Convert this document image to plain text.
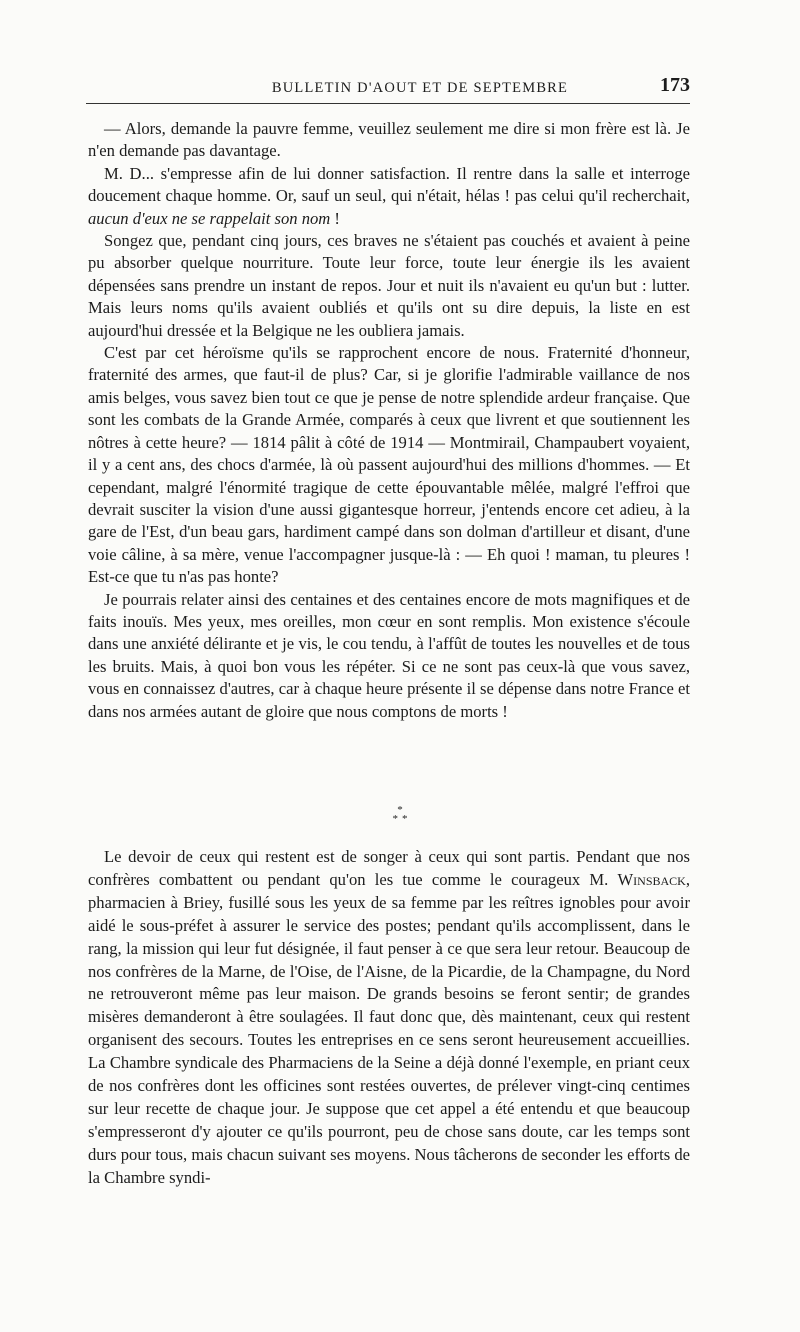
BULLETIN D'AOUT ET DE SEPTEMBRE	173

— Alors, demande la pauvre femme, veuillez seulement me dire si mon frère est là. Je n'en demande pas davantage.

M. D... s'empresse afin de lui donner satisfaction. Il rentre dans la salle et interroge doucement chaque homme. Or, sauf un seul, qui n'était, hélas ! pas celui qu'il recherchait, aucun d'eux ne se rappelait son nom !

Songez que, pendant cinq jours, ces braves ne s'étaient pas couchés et avaient à peine pu absorber quelque nourriture. Toute leur force, toute leur énergie ils les avaient dépensées sans prendre un instant de repos. Jour et nuit ils n'avaient eu qu'un but : lutter. Mais leurs noms qu'ils avaient oubliés et qu'ils ont su dire depuis, la liste en est aujourd'hui dressée et la Belgique ne les oubliera jamais.

C'est par cet héroïsme qu'ils se rapprochent encore de nous. Fraternité d'honneur, fraternité des armes, que faut-il de plus? Car, si je glorifie l'admirable vaillance de nos amis belges, vous savez bien tout ce que je pense de notre splendide ardeur française. Que sont les combats de la Grande Armée, comparés à ceux que livrent et que soutiennent les nôtres à cette heure? — 1814 pâlit à côté de 1914 — Montmirail, Champaubert voyaient, il y a cent ans, des chocs d'armée, là où passent aujourd'hui des millions d'hommes. — Et cependant, malgré l'énormité tragique de cette épouvantable mêlée, malgré l'effroi que devrait susciter la vision d'une aussi gigantesque horreur, j'entends encore cet adieu, à la gare de l'Est, d'un beau gars, hardiment campé dans son dolman d'artilleur et disant, d'une voie câline, à sa mère, venue l'accompagner jusque-là : — Eh quoi ! maman, tu pleures ! Est-ce que tu n'as pas honte?

Je pourrais relater ainsi des centaines et des centaines encore de mots magnifiques et de faits inouïs. Mes yeux, mes oreilles, mon cœur en sont remplis. Mon existence s'écoule dans une anxiété délirante et je vis, le cou tendu, à l'affût de toutes les nouvelles et de tous les bruits. Mais, à quoi bon vous les répéter. Si ce ne sont pas ceux-là que vous savez, vous en connaissez d'autres, car à chaque heure présente il se dépense dans notre France et dans nos armées autant de gloire que nous comptons de morts !

*
**

Le devoir de ceux qui restent est de songer à ceux qui sont partis. Pendant que nos confrères combattent ou pendant qu'on les tue comme le courageux M. Winsback, pharmacien à Briey, fusillé sous les yeux de sa femme par les reîtres ignobles pour avoir aidé le sous-préfet à assurer le service des postes; pendant qu'ils accomplissent, dans le rang, la mission qui leur fut désignée, il faut penser à ce que sera leur retour. Beaucoup de nos confrères de la Marne, de l'Oise, de l'Aisne, de la Picardie, de la Champagne, du Nord ne retrouveront même pas leur maison. De grands besoins se feront sentir; de grandes misères demanderont à être soulagées. Il faut donc que, dès maintenant, ceux qui restent organisent des secours. Toutes les entreprises en ce sens seront heureusement accueillies. La Chambre syndicale des Pharmaciens de la Seine a déjà donné l'exemple, en priant ceux de nos confrères dont les officines sont restées ouvertes, de prélever vingt-cinq centimes sur leur recette de chaque jour. Je suppose que cet appel a été entendu et que beaucoup s'empresseront d'y ajouter ce qu'ils pourront, peu de chose sans doute, car les temps sont durs pour tous, mais chacun suivant ses moyens. Nous tâcherons de seconder les efforts de la Chambre syndi-
